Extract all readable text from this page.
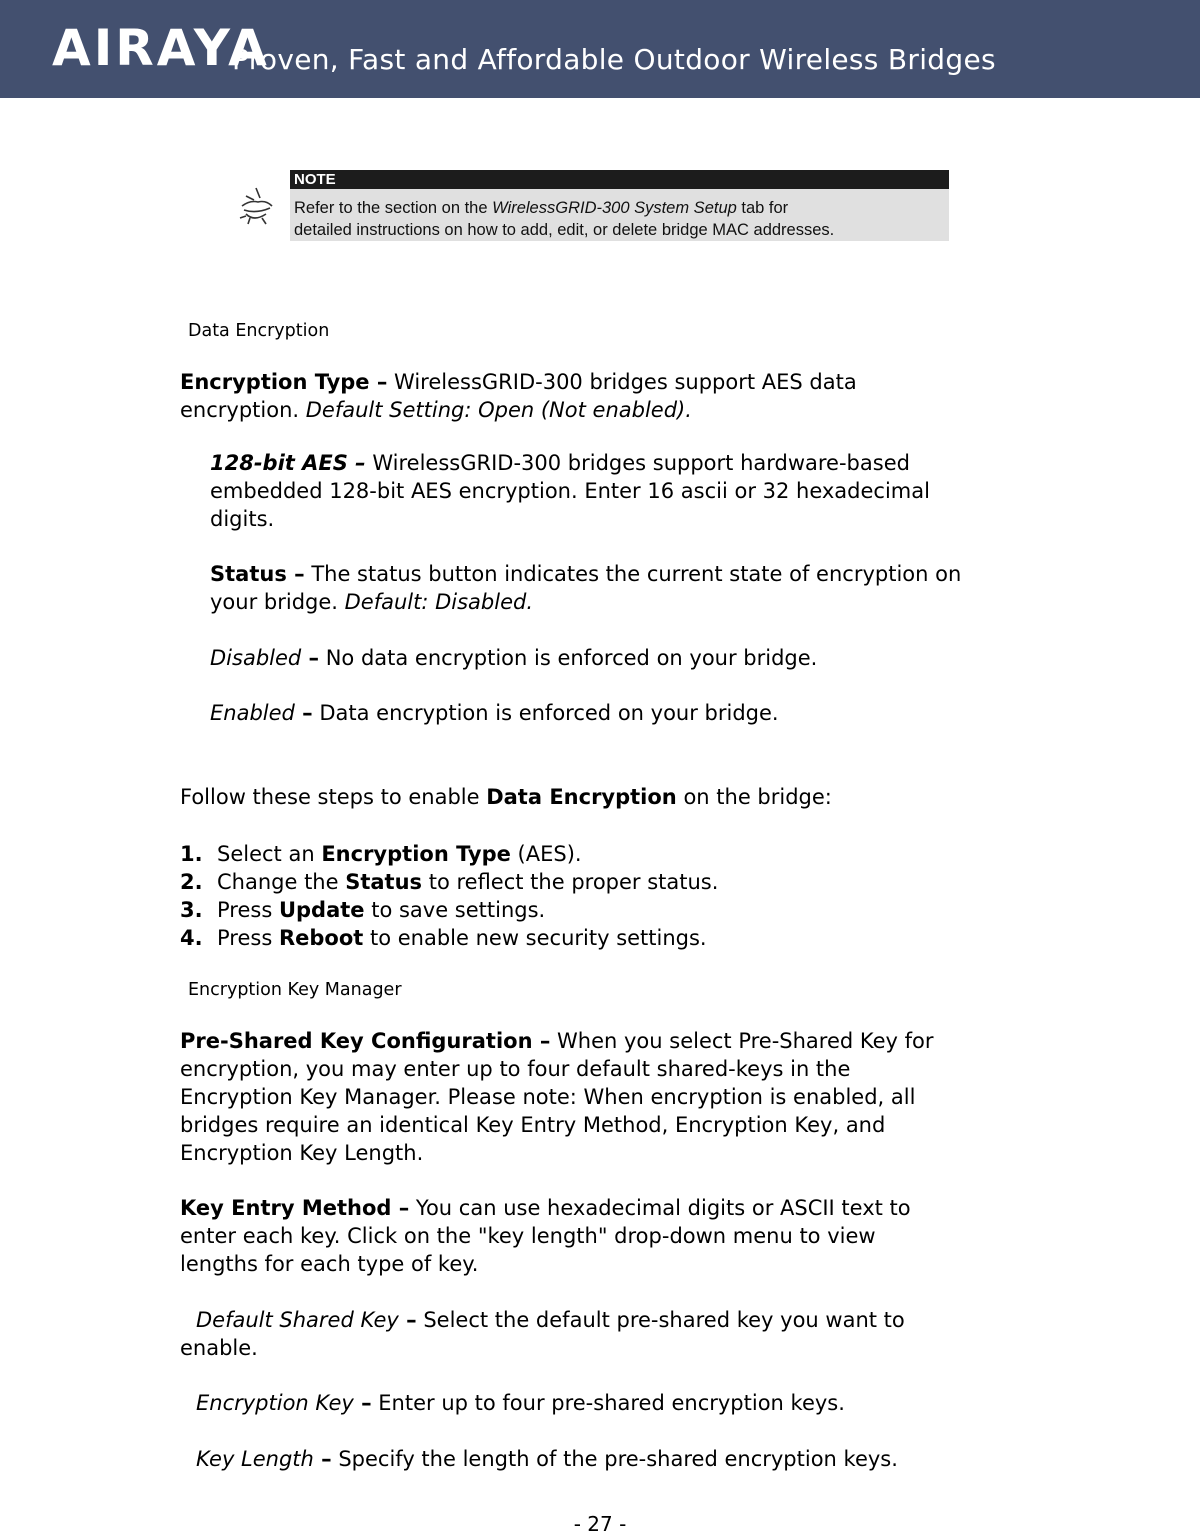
AIRAYA
Proven, Fast and Affordable Outdoor Wireless Bridges
NOTE
Refer to the section on the WirelessGRID-300 System Setup tab for
detailed instructions on how to add, edit, or delete bridge MAC addresses.
Data Encryption
Encryption Type – WirelessGRID-300 bridges support AES data
encryption. Default Setting: Open (Not enabled).
128-bit AES – WirelessGRID-300 bridges support hardware-based
embedded 128-bit AES encryption. Enter 16 ascii or 32 hexadecimal
digits.
Status – The status button indicates the current state of encryption on
your bridge. Default: Disabled.
Disabled – No data encryption is enforced on your bridge.
Enabled – Data encryption is enforced on your bridge.
Follow these steps to enable Data Encryption on the bridge:
1. Select an Encryption Type (AES).
2. Change the Status to reflect the proper status.
3. Press Update to save settings.
4. Press Reboot to enable new security settings.
Encryption Key Manager
Pre-Shared Key Configuration – When you select Pre-Shared Key for
encryption, you may enter up to four default shared-keys in the
Encryption Key Manager. Please note: When encryption is enabled, all
bridges require an identical Key Entry Method, Encryption Key, and
Encryption Key Length.
Key Entry Method – You can use hexadecimal digits or ASCII text to
enter each key. Click on the "key length" drop-down menu to view
lengths for each type of key.
Default Shared Key – Select the default pre-shared key you want to
enable.
Encryption Key – Enter up to four pre-shared encryption keys.
Key Length – Specify the length of the pre-shared encryption keys.
- 27 -
